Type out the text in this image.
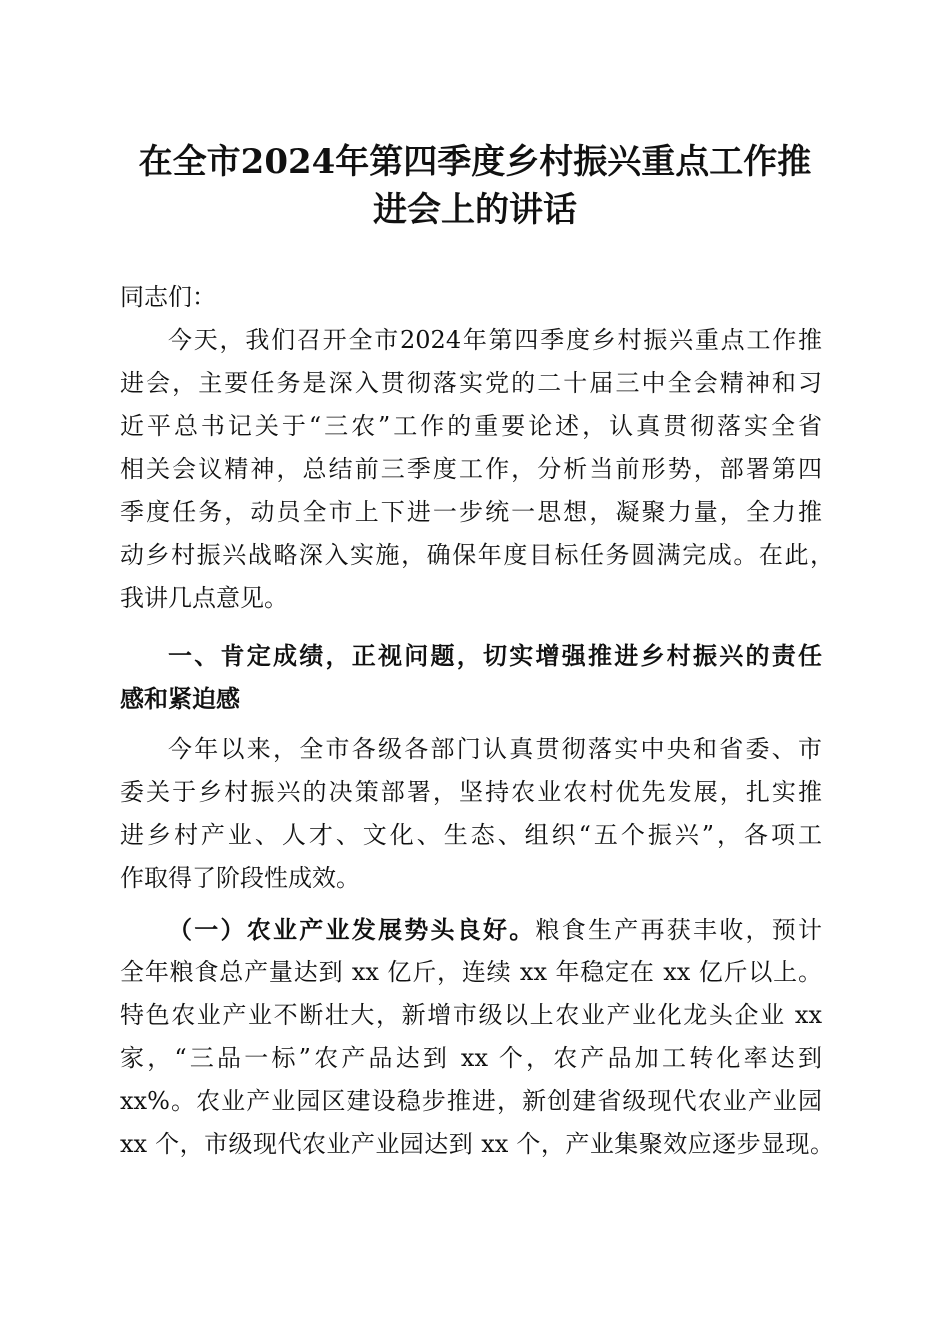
在全市2024年第四季度乡村振兴重点工作推
进会上的讲话
同志们：
今天，我们召开全市2024年第四季度乡村振兴重点工作推
进会，主要任务是深入贯彻落实党的二十届三中全会精神和习
近平总书记关于“三农”工作的重要论述，认真贯彻落实全省
相关会议精神，总结前三季度工作，分析当前形势，部署第四
季度任务，动员全市上下进一步统一思想，凝聚力量，全力推
动乡村振兴战略深入实施，确保年度目标任务圆满完成。在此，
我讲几点意见。
一、肯定成绩，正视问题，切实增强推进乡村振兴的责任
感和紧迫感
今年以来，全市各级各部门认真贯彻落实中央和省委、市
委关于乡村振兴的决策部署，坚持农业农村优先发展，扎实推
进乡村产业、人才、文化、生态、组织“五个振兴”，各项工
作取得了阶段性成效。
（一）农业产业发展势头良好。粮食生产再获丰收，预计
全年粮食总产量达到 xx 亿斤，连续 xx 年稳定在 xx 亿斤以上。
特色农业产业不断壮大，新增市级以上农业产业化龙头企业 xx
家，“三品一标”农产品达到 xx 个，农产品加工转化率达到
xx%。农业产业园区建设稳步推进，新创建省级现代农业产业园
xx 个，市级现代农业产业园达到 xx 个，产业集聚效应逐步显现。
